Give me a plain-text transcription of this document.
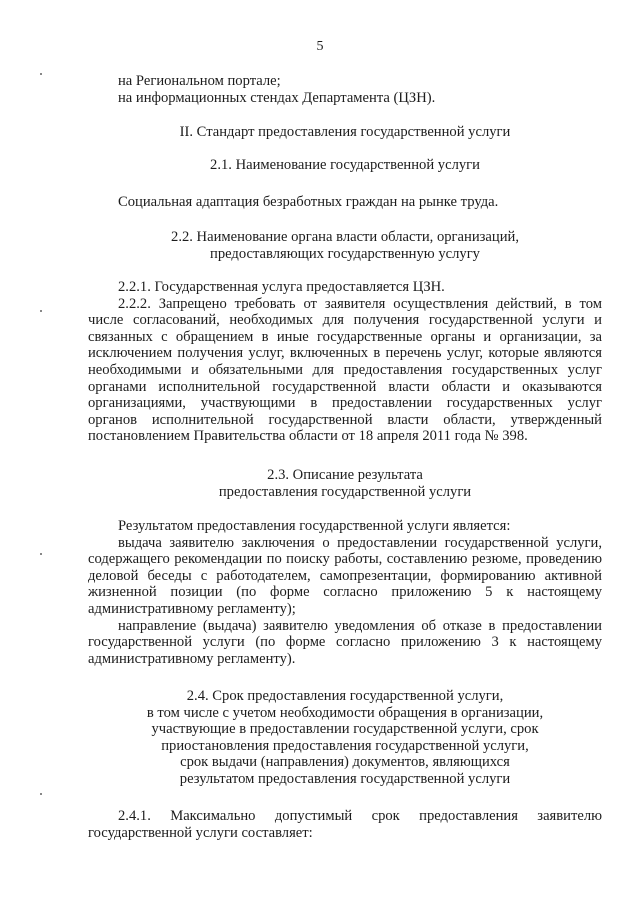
5
на Региональном портале;
на информационных стендах Департамента (ЦЗН).
II. Стандарт предоставления государственной услуги
2.1. Наименование государственной услуги
Социальная адаптация безработных граждан на рынке труда.
2.2. Наименование органа власти области, организаций,
предоставляющих государственную услугу
2.2.1. Государственная услуга предоставляется ЦЗН.
2.2.2. Запрещено требовать от заявителя осуществления действий, в том
числе согласований, необходимых для получения государственной услуги и
связанных с обращением в иные государственные органы и организации, за
исключением получения услуг, включенных в перечень услуг, которые являются
необходимыми и обязательными для предоставления государственных услуг
органами исполнительной государственной власти области и оказываются
организациями, участвующими в предоставлении государственных услуг
органов исполнительной государственной власти области, утвержденный
постановлением Правительства области от 18 апреля 2011 года № 398.
2.3. Описание результата
предоставления государственной услуги
Результатом предоставления государственной услуги является:
выдача заявителю заключения о предоставлении государственной услуги,
содержащего рекомендации по поиску работы, составлению резюме, проведению
деловой беседы с работодателем, самопрезентации, формированию активной
жизненной позиции (по форме согласно приложению 5 к настоящему
административному регламенту);
направление (выдача) заявителю уведомления об отказе в предоставлении
государственной услуги (по форме согласно приложению 3 к настоящему
административному регламенту).
2.4. Срок предоставления государственной услуги,
в том числе с учетом необходимости обращения в организации,
участвующие в предоставлении государственной услуги, срок
приостановления предоставления государственной услуги,
срок выдачи (направления) документов, являющихся
результатом предоставления государственной услуги
2.4.1. Максимально допустимый срок предоставления заявителю
государственной услуги составляет:
